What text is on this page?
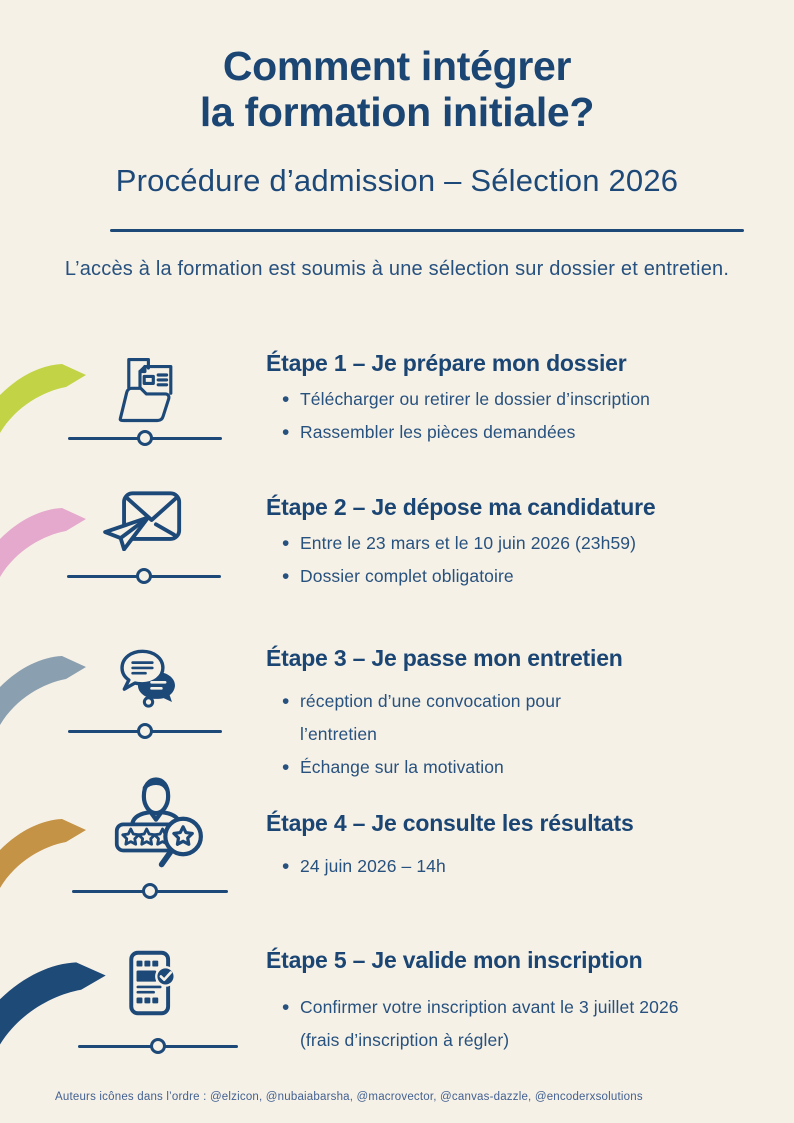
Comment intégrer
la formation initiale?
Procédure d’admission – Sélection 2026
L’accès à la formation est soumis à une sélection sur dossier et entretien.
Étape 1 – Je prépare mon dossier
• Télécharger ou retirer le dossier d’inscription
• Rassembler les pièces demandées
Étape 2 – Je dépose ma candidature
• Entre le 23 mars et le 10 juin 2026 (23h59)
• Dossier complet obligatoire
Étape 3 – Je passe mon entretien
• réception d’une convocation pour l’entretien
• Échange sur la motivation
Étape 4 – Je consulte les résultats
• 24 juin 2026 – 14h
Étape 5 – Je valide mon inscription
• Confirmer votre inscription avant le 3 juillet 2026 (frais d’inscription à régler)
Auteurs icônes dans l’ordre : @elzicon, @nubaiabarsha, @macrovector, @canvas-dazzle, @encoderxsolutions
